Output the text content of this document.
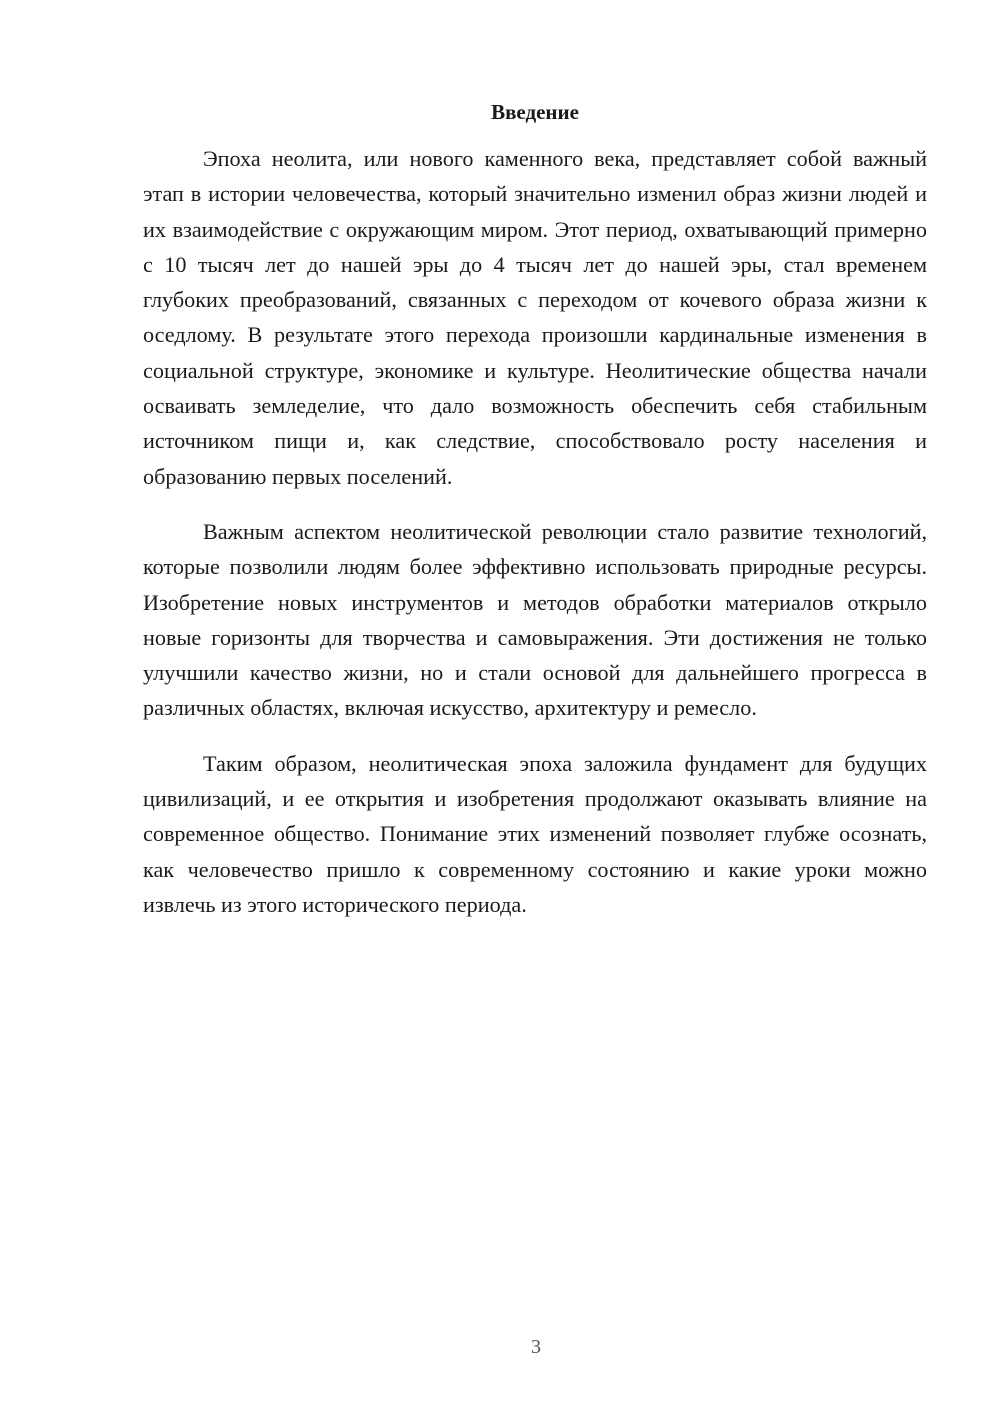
Введение

Эпоха неолита, или нового каменного века, представляет собой важный этап в истории человечества, который значительно изменил образ жизни людей и их взаимодействие с окружающим миром. Этот период, охватывающий примерно с 10 тысяч лет до нашей эры до 4 тысяч лет до нашей эры, стал временем глубоких преобразований, связанных с переходом от кочевого образа жизни к оседлому. В результате этого перехода произошли кардинальные изменения в социальной структуре, экономике и культуре. Неолитические общества начали осваивать земледелие, что дало возможность обеспечить себя стабильным источником пищи и, как следствие, способствовало росту населения и образованию первых поселений.

Важным аспектом неолитической революции стало развитие технологий, которые позволили людям более эффективно использовать природные ресурсы. Изобретение новых инструментов и методов обработки материалов открыло новые горизонты для творчества и самовыражения. Эти достижения не только улучшили качество жизни, но и стали основой для дальнейшего прогресса в различных областях, включая искусство, архитектуру и ремесло.

Таким образом, неолитическая эпоха заложила фундамент для будущих цивилизаций, и ее открытия и изобретения продолжают оказывать влияние на современное общество. Понимание этих изменений позволяет глубже осознать, как человечество пришло к современному состоянию и какие уроки можно извлечь из этого исторического периода.

3
